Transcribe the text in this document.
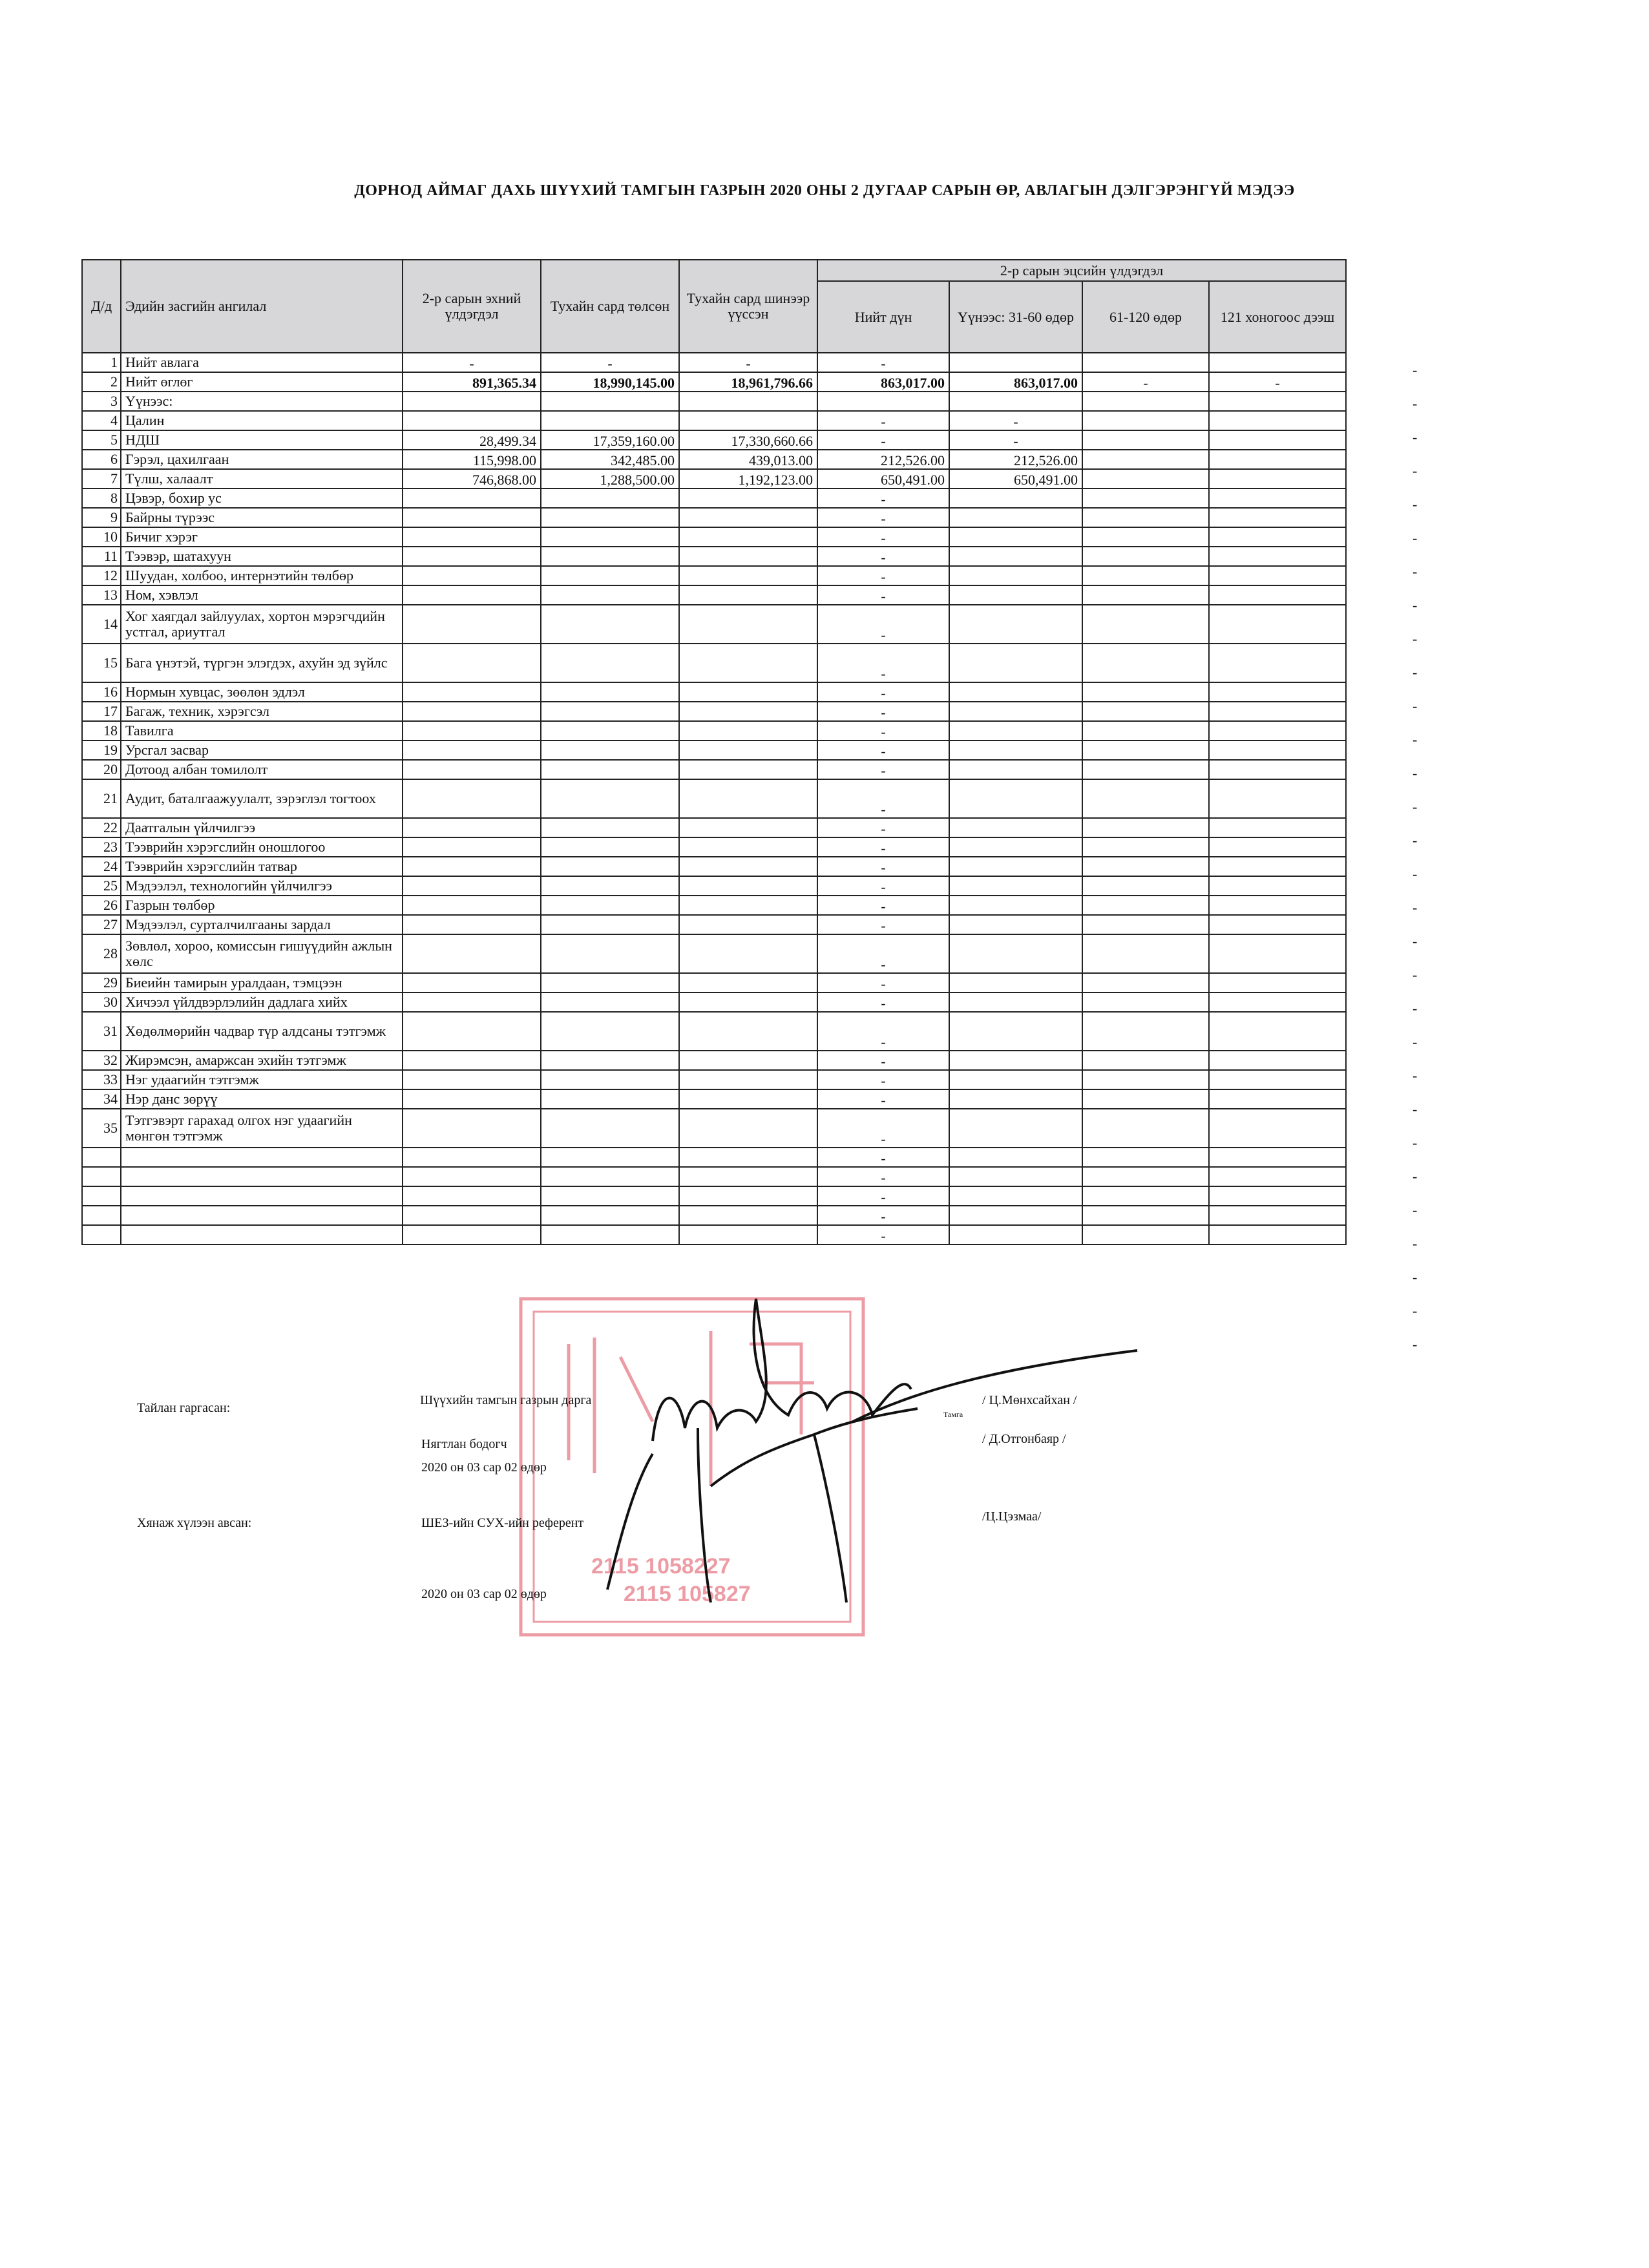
ДОРНОД АЙМАГ ДАХЬ ШҮҮХИЙ ТАМГЫН ГАЗРЫН 2020 ОНЫ 2 ДУГААР САРЫН ӨР, АВЛАГЫН ДЭЛГЭРЭНГҮЙ МЭДЭЭ
Д/д	Эдийн засгийн ангилал	2-р сарын эхний үлдэгдэл	Тухайн сард төлсөн	Тухайн сард шинээр үүссэн	2-р сарын эцсийн үлдэгдэл			
					Нийт дүн	Үүнээс: 31-60 өдөр	61-120 өдөр	121 хоногоос дээш
1	Нийт авлага	-	-	-	-			
2	Нийт өглөг	891,365.34	18,990,145.00	18,961,796.66	863,017.00	863,017.00	-	-
3	Үүнээс:							
4	Цалин				-	-		
5	НДШ	28,499.34	17,359,160.00	17,330,660.66	-	-		
6	Гэрэл, цахилгаан	115,998.00	342,485.00	439,013.00	212,526.00	212,526.00		
7	Түлш, халаалт	746,868.00	1,288,500.00	1,192,123.00	650,491.00	650,491.00		
8	Цэвэр, бохир ус				-			
9	Байрны түрээс				-			
10	Бичиг хэрэг				-			
11	Тээвэр, шатахуун				-			
12	Шуудан, холбоо, интернэтийн төлбөр				-			
13	Ном, хэвлэл				-			
14	Хог хаягдал зайлуулах, хортон мэрэгчдийн устгал, ариутгал				-			
15	Бага үнэтэй, түргэн элэгдэх, ахуйн эд зүйлс				-			
16	Нормын хувцас, зөөлөн эдлэл				-			
17	Багаж, техник, хэрэгсэл				-			
18	Тавилга				-			
19	Урсгал засвар				-			
20	Дотоод албан томилолт				-			
21	Аудит, баталгаажуулалт, зэрэглэл тогтоох				-			
22	Даатгалын үйлчилгээ				-			
23	Тээврийн хэрэгслийн оношлогоо				-			
24	Тээврийн хэрэгслийн татвар				-			
25	Мэдээлэл, технологийн үйлчилгээ				-			
26	Газрын төлбөр				-			
27	Мэдээлэл, сурталчилгааны зардал				-			
28	Зөвлөл, хороо, комиссын гишүүдийн ажлын хөлс				-			
29	Биеийн тамирын уралдаан, тэмцээн				-			
30	Хичээл үйлдвэрлэлийн дадлага хийх				-			
31	Хөдөлмөрийн чадвар түр алдсаны тэтгэмж				-			
32	Жирэмсэн, амаржсан эхийн тэтгэмж				-			
33	Нэг удаагийн тэтгэмж				-			
34	Нэр данс зөрүү				-			
35	Тэтгэвэрт гарахад олгох нэг удаагийн мөнгөн тэтгэмж				-			
					-			
					-			
					-			
					-			
					-			
-
-
-
-
-
-
-
-
-
-
-
-
-
-
-
-
-
-
-
-
-
-
-
-
-
-
-
-
-
-
2115 1058227
2115 105827
Тайлан гаргасан:
Шүүхийн тамгын газрын дарга	/ Ц.Мөнхсайхан /
Тамга
Нягтлан бодогч	/ Д.Отгонбаяр /
2020 он 03 сар 02 өдөр
Хянаж хүлээн авсан:	ШЕЗ-ийн СУХ-ийн референт	/Ц.Цэзмаа/
2020 он 03 сар 02 өдөр
